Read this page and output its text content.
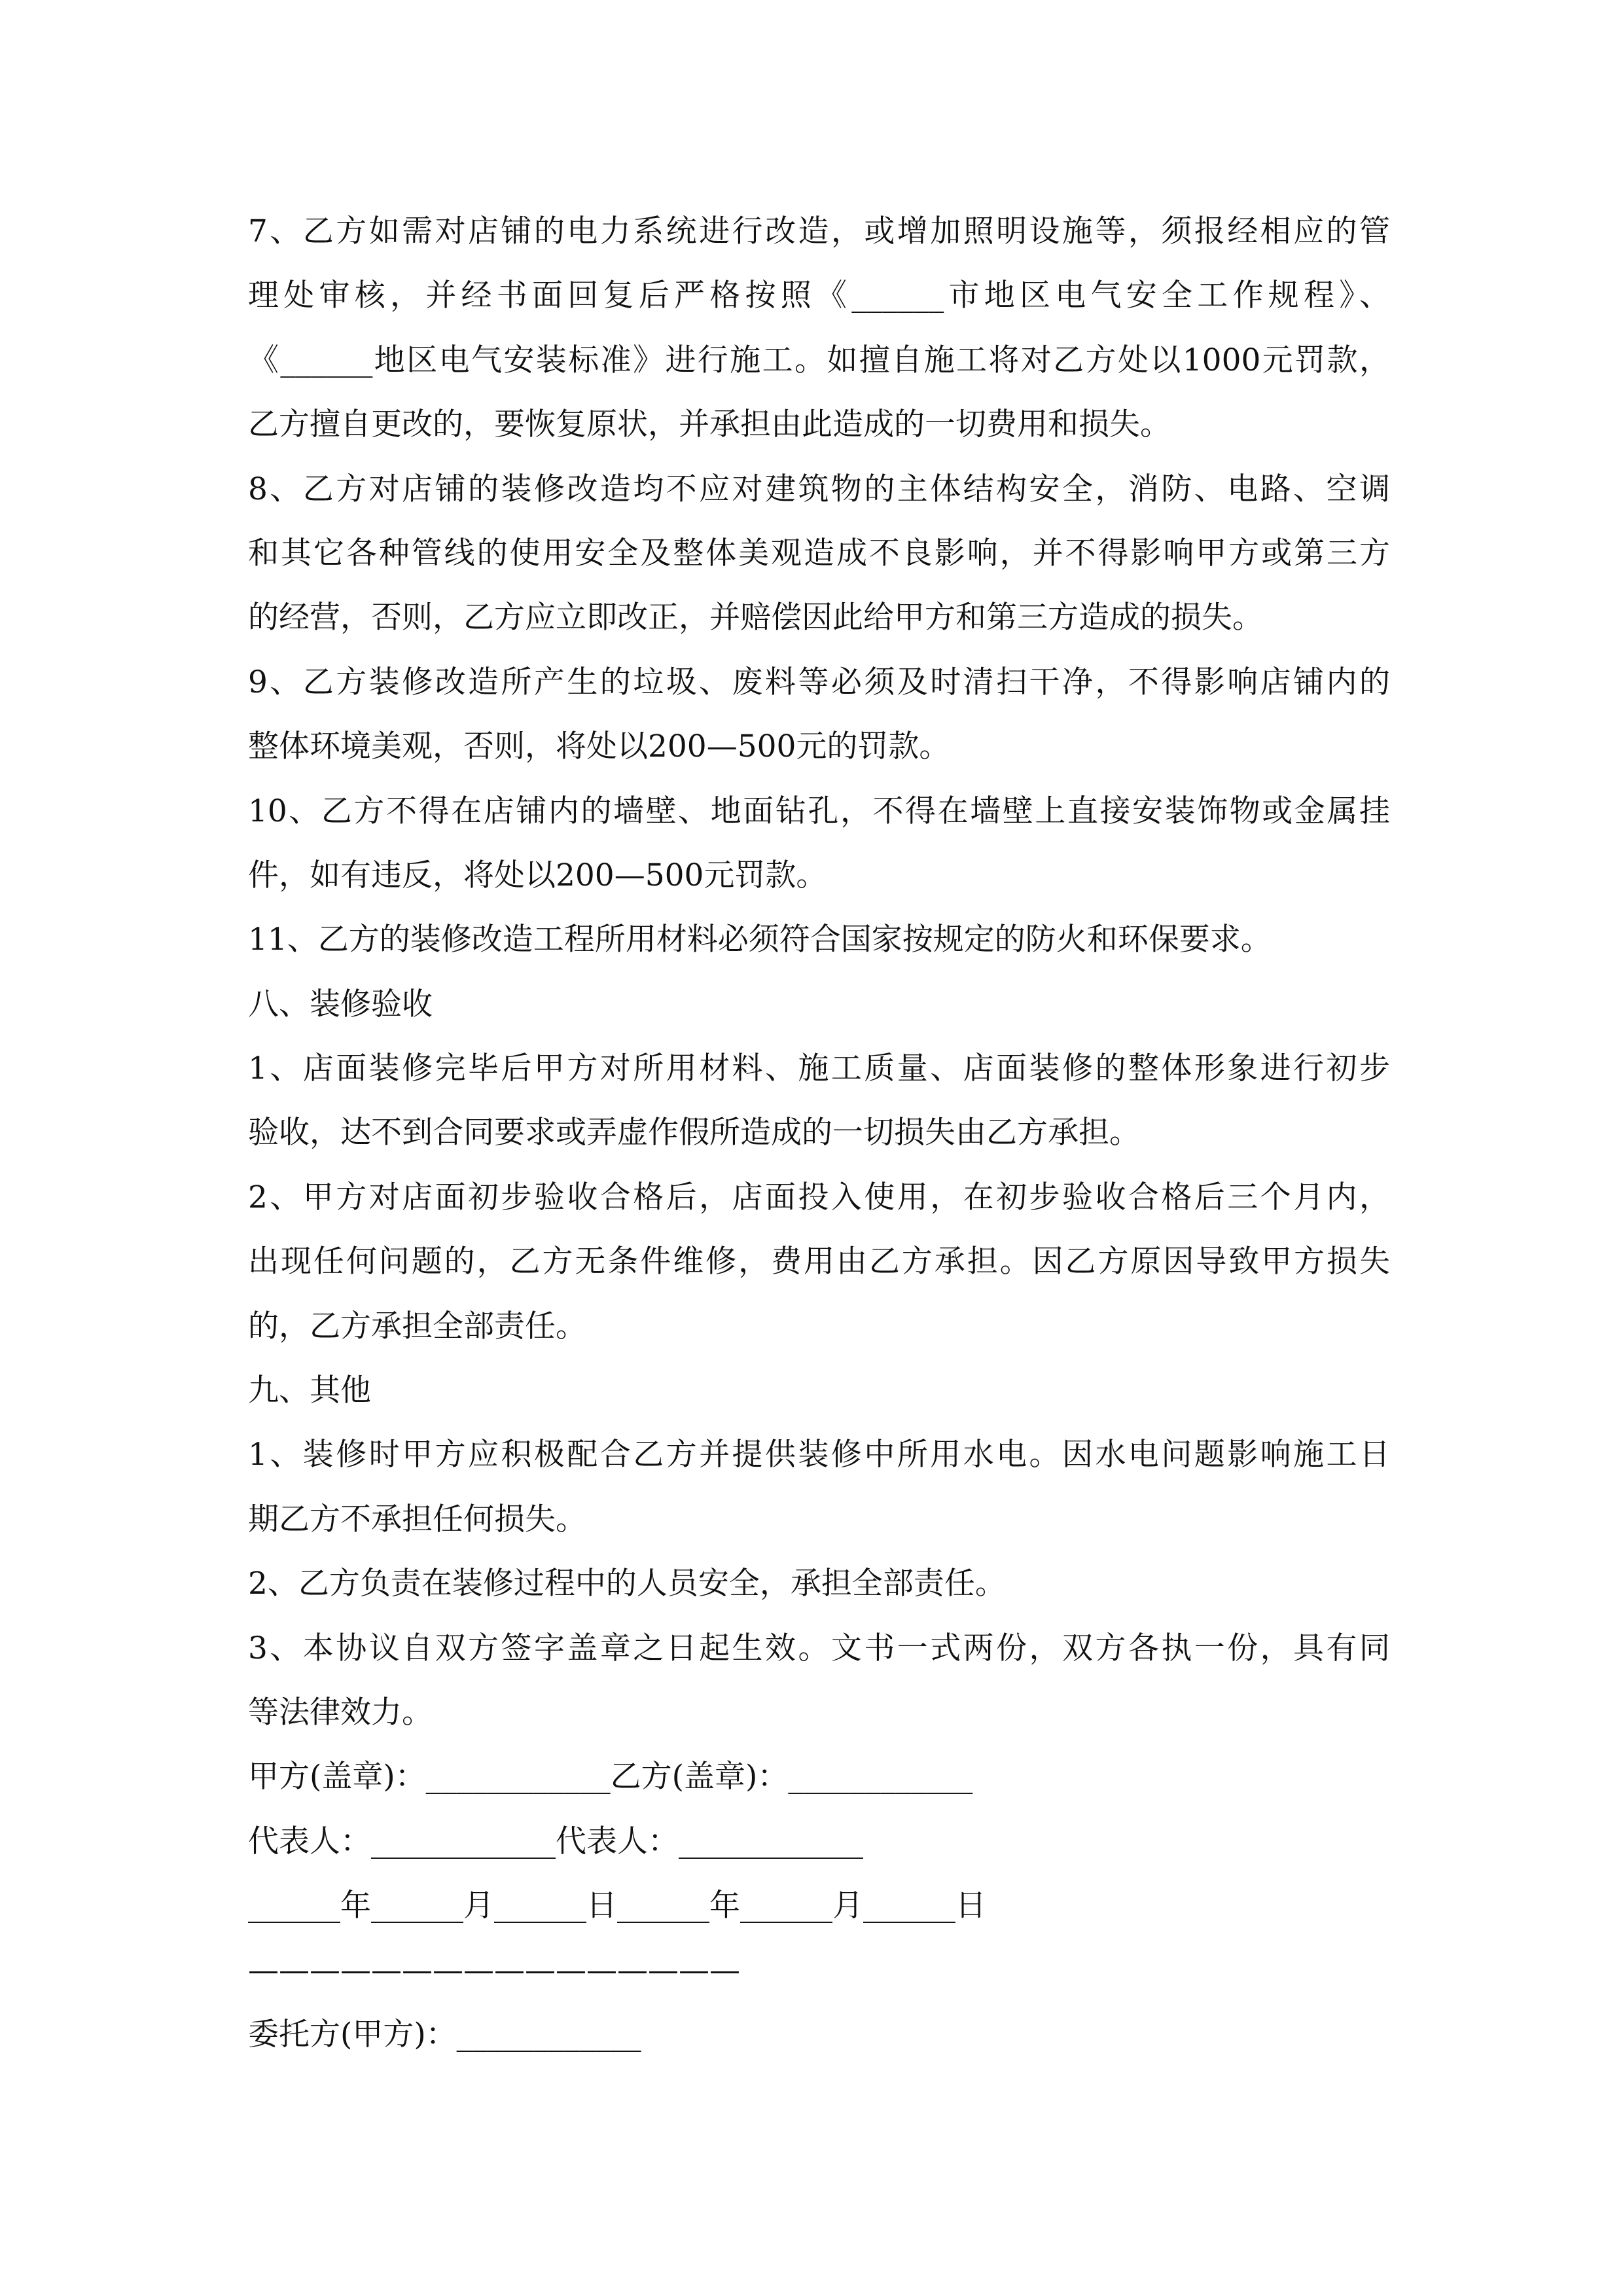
7、乙方如需对店铺的电力系统进行改造，或增加照明设施等，须报经相应的管
理处审核，并经书面回复后严格按照《______市地区电气安全工作规程》、
《______地区电气安装标准》进行施工。如擅自施工将对乙方处以1000元罚款，
乙方擅自更改的，要恢复原状，并承担由此造成的一切费用和损失。
8、乙方对店铺的装修改造均不应对建筑物的主体结构安全，消防、电路、空调
和其它各种管线的使用安全及整体美观造成不良影响，并不得影响甲方或第三方
的经营，否则，乙方应立即改正，并赔偿因此给甲方和第三方造成的损失。
9、乙方装修改造所产生的垃圾、废料等必须及时清扫干净，不得影响店铺内的
整体环境美观，否则，将处以200—500元的罚款。
10、乙方不得在店铺内的墙壁、地面钻孔，不得在墙壁上直接安装饰物或金属挂
件，如有违反，将处以200—500元罚款。
11、乙方的装修改造工程所用材料必须符合国家按规定的防火和环保要求。
八、装修验收
1、店面装修完毕后甲方对所用材料、施工质量、店面装修的整体形象进行初步
验收，达不到合同要求或弄虚作假所造成的一切损失由乙方承担。
2、甲方对店面初步验收合格后，店面投入使用，在初步验收合格后三个月内，
出现任何问题的，乙方无条件维修，费用由乙方承担。因乙方原因导致甲方损失
的，乙方承担全部责任。
九、其他
1、装修时甲方应积极配合乙方并提供装修中所用水电。因水电问题影响施工日
期乙方不承担任何损失。
2、乙方负责在装修过程中的人员安全，承担全部责任。
3、本协议自双方签字盖章之日起生效。文书一式两份，双方各执一份，具有同
等法律效力。
甲方(盖章)：____________乙方(盖章)：____________
代表人：____________代表人：____________
______年______月______日______年______月______日
————————————————
委托方(甲方)：____________
